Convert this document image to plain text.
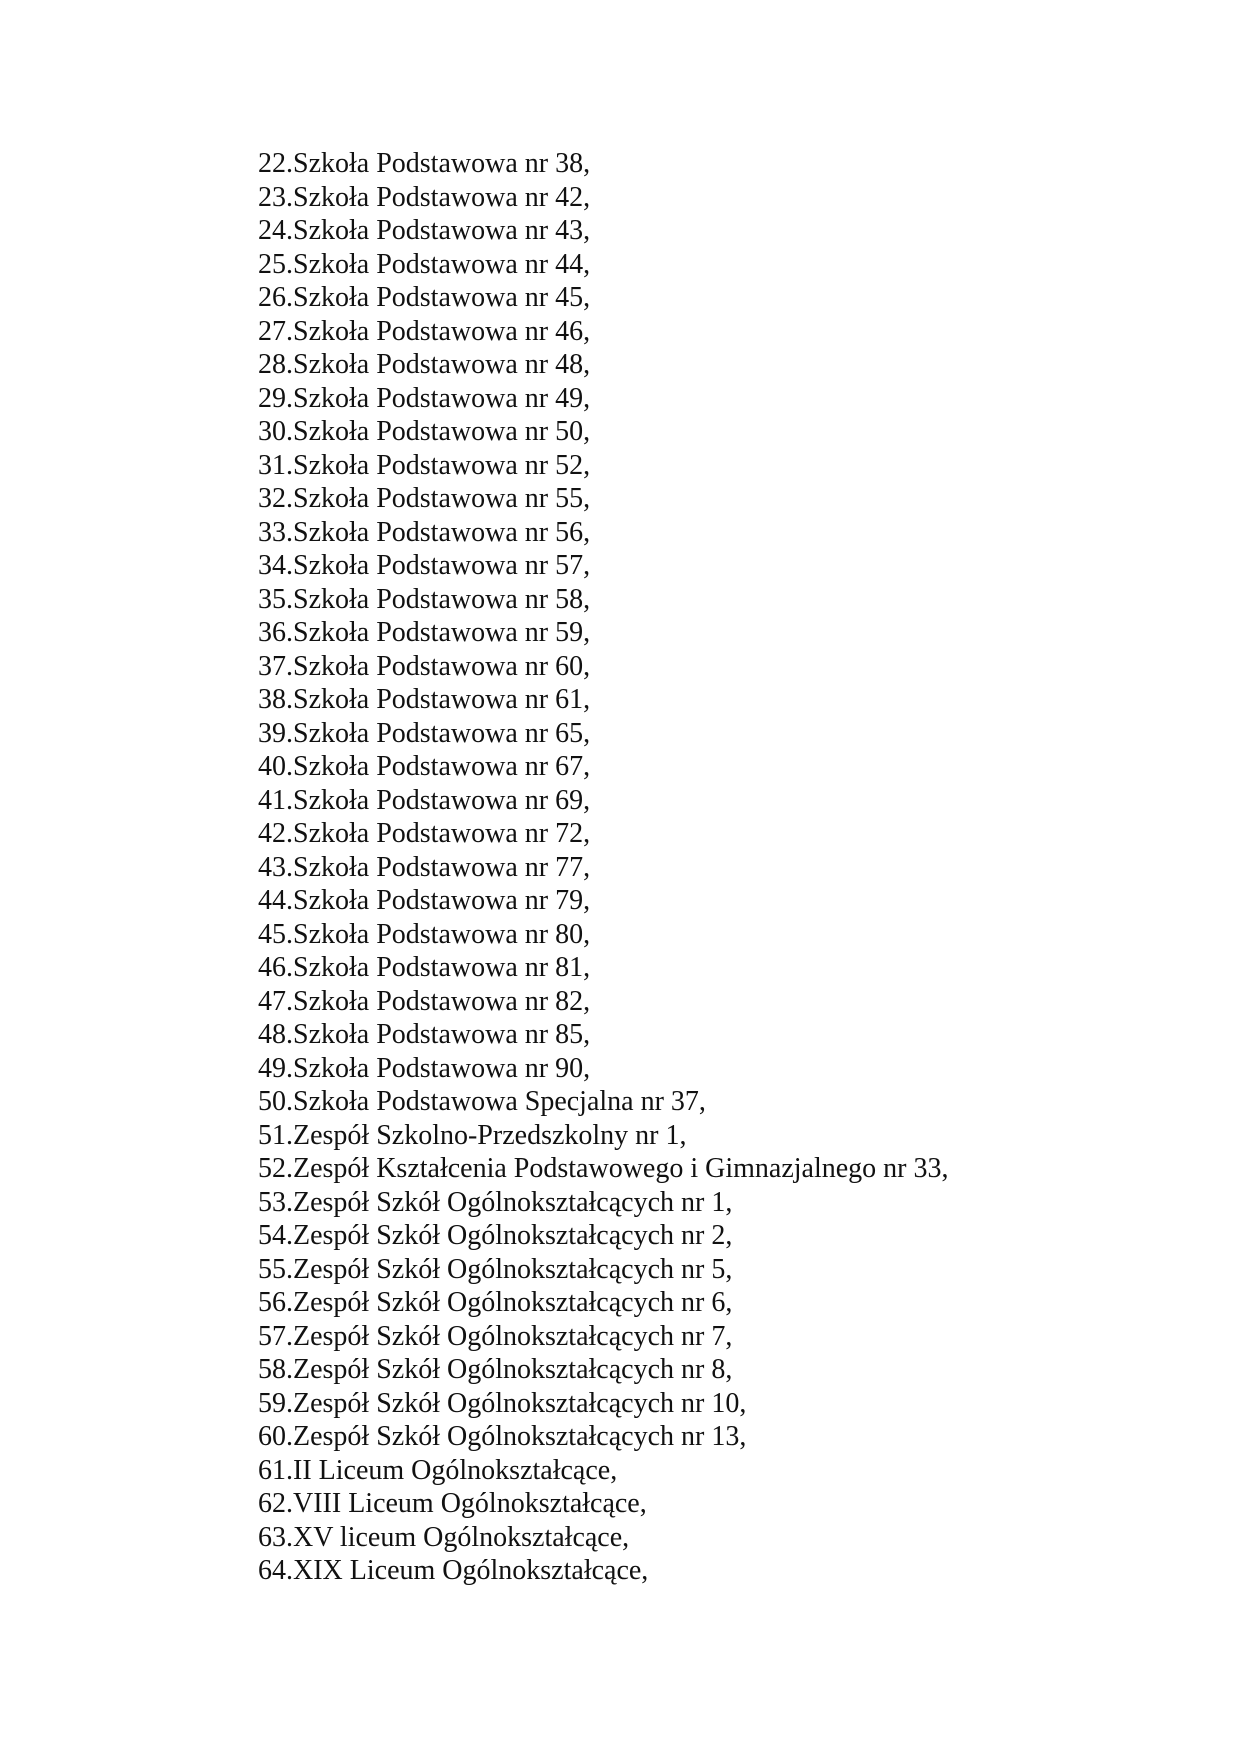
22.Szkoła Podstawowa nr 38,
23.Szkoła Podstawowa nr 42,
24.Szkoła Podstawowa nr 43,
25.Szkoła Podstawowa nr 44,
26.Szkoła Podstawowa nr 45,
27.Szkoła Podstawowa nr 46,
28.Szkoła Podstawowa nr 48,
29.Szkoła Podstawowa nr 49,
30.Szkoła Podstawowa nr 50,
31.Szkoła Podstawowa nr 52,
32.Szkoła Podstawowa nr 55,
33.Szkoła Podstawowa nr 56,
34.Szkoła Podstawowa nr 57,
35.Szkoła Podstawowa nr 58,
36.Szkoła Podstawowa nr 59,
37.Szkoła Podstawowa nr 60,
38.Szkoła Podstawowa nr 61,
39.Szkoła Podstawowa nr 65,
40.Szkoła Podstawowa nr 67,
41.Szkoła Podstawowa nr 69,
42.Szkoła Podstawowa nr 72,
43.Szkoła Podstawowa nr 77,
44.Szkoła Podstawowa nr 79,
45.Szkoła Podstawowa nr 80,
46.Szkoła Podstawowa nr 81,
47.Szkoła Podstawowa nr 82,
48.Szkoła Podstawowa nr 85,
49.Szkoła Podstawowa nr 90,
50.Szkoła Podstawowa Specjalna nr 37,
51.Zespół Szkolno-Przedszkolny nr 1,
52.Zespół Kształcenia Podstawowego i Gimnazjalnego nr 33,
53.Zespół Szkół Ogólnokształcących nr 1,
54.Zespół Szkół Ogólnokształcących nr 2,
55.Zespół Szkół Ogólnokształcących nr 5,
56.Zespół Szkół Ogólnokształcących nr 6,
57.Zespół Szkół Ogólnokształcących nr 7,
58.Zespół Szkół Ogólnokształcących nr 8,
59.Zespół Szkół Ogólnokształcących nr 10,
60.Zespół Szkół Ogólnokształcących nr 13,
61.II Liceum Ogólnokształcące,
62.VIII Liceum Ogólnokształcące,
63.XV liceum Ogólnokształcące,
64.XIX Liceum Ogólnokształcące,
